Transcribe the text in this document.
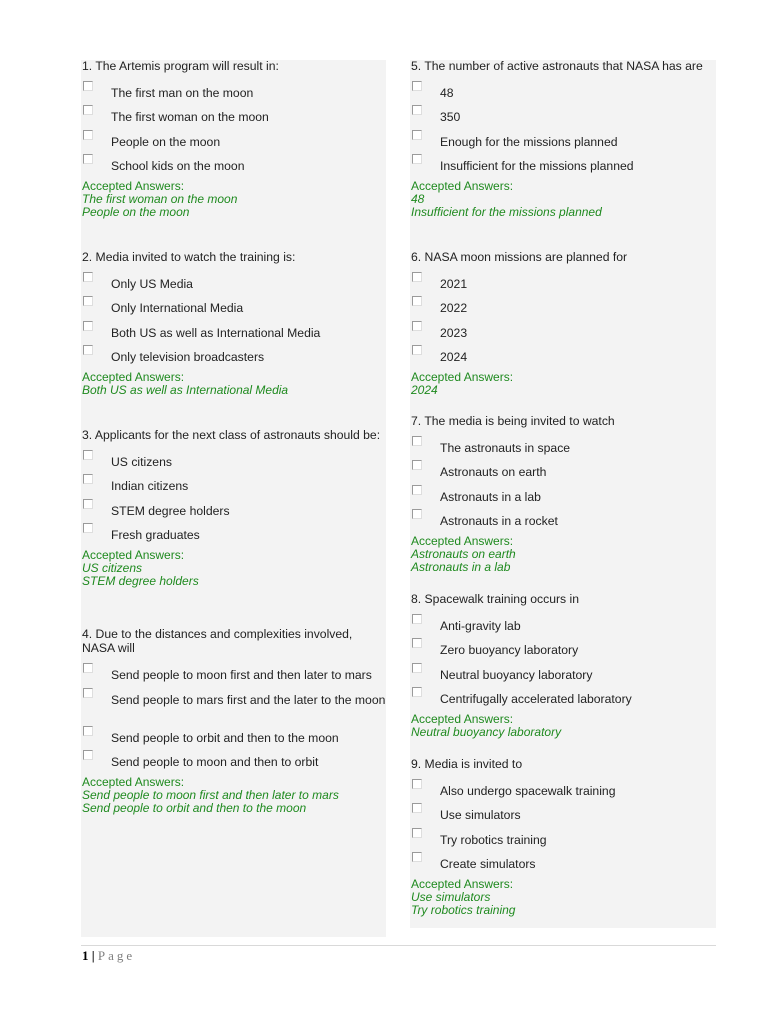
1. The Artemis program will result in:
The first man on the moon
The first woman on the moon
People on the moon
School kids on the moon
Accepted Answers:
The first woman on the moon
People on the moon
2. Media invited to watch the training is:
Only US Media
Only International Media
Both US as well as International Media
Only television broadcasters
Accepted Answers:
Both US as well as International Media
3. Applicants for the next class of astronauts should be:
US citizens
Indian citizens
STEM degree holders
Fresh graduates
Accepted Answers:
US citizens
STEM degree holders
4. Due to the distances and complexities involved, NASA will
Send people to moon first and then later to mars
Send people to mars first and the later to the moon
Send people to orbit and then to the moon
Send people to moon and then to orbit
Accepted Answers:
Send people to moon first and then later to mars
Send people to orbit and then to the moon
5. The number of active astronauts that NASA has are
48
350
Enough for the missions planned
Insufficient for the missions planned
Accepted Answers:
48
Insufficient for the missions planned
6. NASA moon missions are planned for
2021
2022
2023
2024
Accepted Answers:
2024
7. The media is being invited to watch
The astronauts in space
Astronauts on earth
Astronauts in a lab
Astronauts in a rocket
Accepted Answers:
Astronauts on earth
Astronauts in a lab
8. Spacewalk training occurs in
Anti-gravity lab
Zero buoyancy laboratory
Neutral buoyancy laboratory
Centrifugally accelerated laboratory
Accepted Answers:
Neutral buoyancy laboratory
9. Media is invited to
Also undergo spacewalk training
Use simulators
Try robotics training
Create simulators
Accepted Answers:
Use simulators
Try robotics training
1 | Page
